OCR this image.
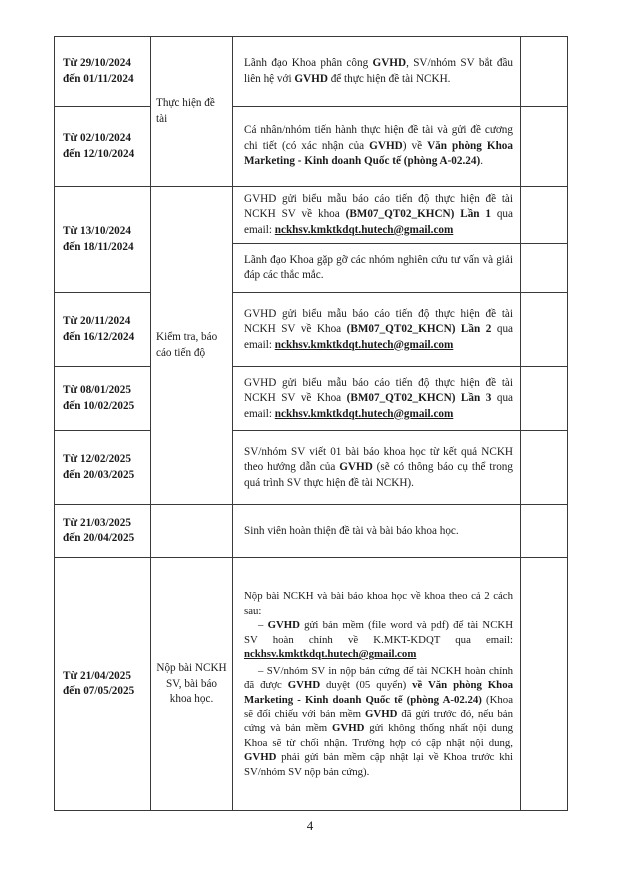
Từ 29/10/2024
đến 01/11/2024	Thực hiện đề tài	Lãnh đạo Khoa phân công GVHD, SV/nhóm SV bắt đầu liên hệ với GVHD để thực hiện đề tài NCKH.	
Từ 02/10/2024
đến 12/10/2024		Cá nhân/nhóm tiến hành thực hiện đề tài và gửi đề cương chi tiết (có xác nhận của GVHD) về Văn phòng Khoa Marketing - Kinh doanh Quốc tế (phòng A-02.24).	
Từ 13/10/2024
đến 18/11/2024	Kiểm tra, báo cáo tiến độ	GVHD gửi biểu mẫu báo cáo tiến độ thực hiện đề tài NCKH SV về khoa (BM07_QT02_KHCN) Lần 1 qua email: nckhsv.kmktkdqt.hutech@gmail.com	
		Lãnh đạo Khoa gặp gỡ các nhóm nghiên cứu tư vấn và giải đáp các thắc mắc.	
Từ 20/11/2024
đến 16/12/2024		GVHD gửi biểu mẫu báo cáo tiến độ thực hiện đề tài NCKH SV về Khoa (BM07_QT02_KHCN) Lần 2 qua email: nckhsv.kmktkdqt.hutech@gmail.com	
Từ 08/01/2025
đến 10/02/2025		GVHD gửi biểu mẫu báo cáo tiến độ thực hiện đề tài NCKH SV về Khoa (BM07_QT02_KHCN) Lần 3 qua email: nckhsv.kmktkdqt.hutech@gmail.com	
Từ 12/02/2025
đến 20/03/2025		SV/nhóm SV viết 01 bài báo khoa học từ kết quả NCKH theo hướng dẫn của GVHD (sẽ có thông báo cụ thể trong quá trình SV thực hiện đề tài NCKH).	
Từ 21/03/2025
đến 20/04/2025		Sinh viên hoàn thiện đề tài và bài báo khoa học.	
Từ 21/04/2025
đến 07/05/2025	Nộp bài NCKH SV, bài báo khoa học.	Nộp bài NCKH và bài báo khoa học về khoa theo cả 2 cách sau:
– GVHD gửi bản mềm (file word và pdf) để tài NCKH SV hoàn chỉnh về K.MKT-KDQT qua email: nckhsv.kmktkdqt.hutech@gmail.com
– SV/nhóm SV in nộp bản cứng để tài NCKH hoàn chỉnh đã được GVHD duyệt (05 quyển) về Văn phòng Khoa Marketing - Kinh doanh Quốc tế (phòng A-02.24) (Khoa sẽ đối chiếu với bản mềm GVHD đã gửi trước đó, nếu bản cứng và bản mềm GVHD gửi không thống nhất nội dung Khoa sẽ từ chối nhận. Trường hợp có cập nhật nội dung, GVHD phải gửi bản mềm cập nhật lại về Khoa trước khi SV/nhóm SV nộp bản cứng).	

4
